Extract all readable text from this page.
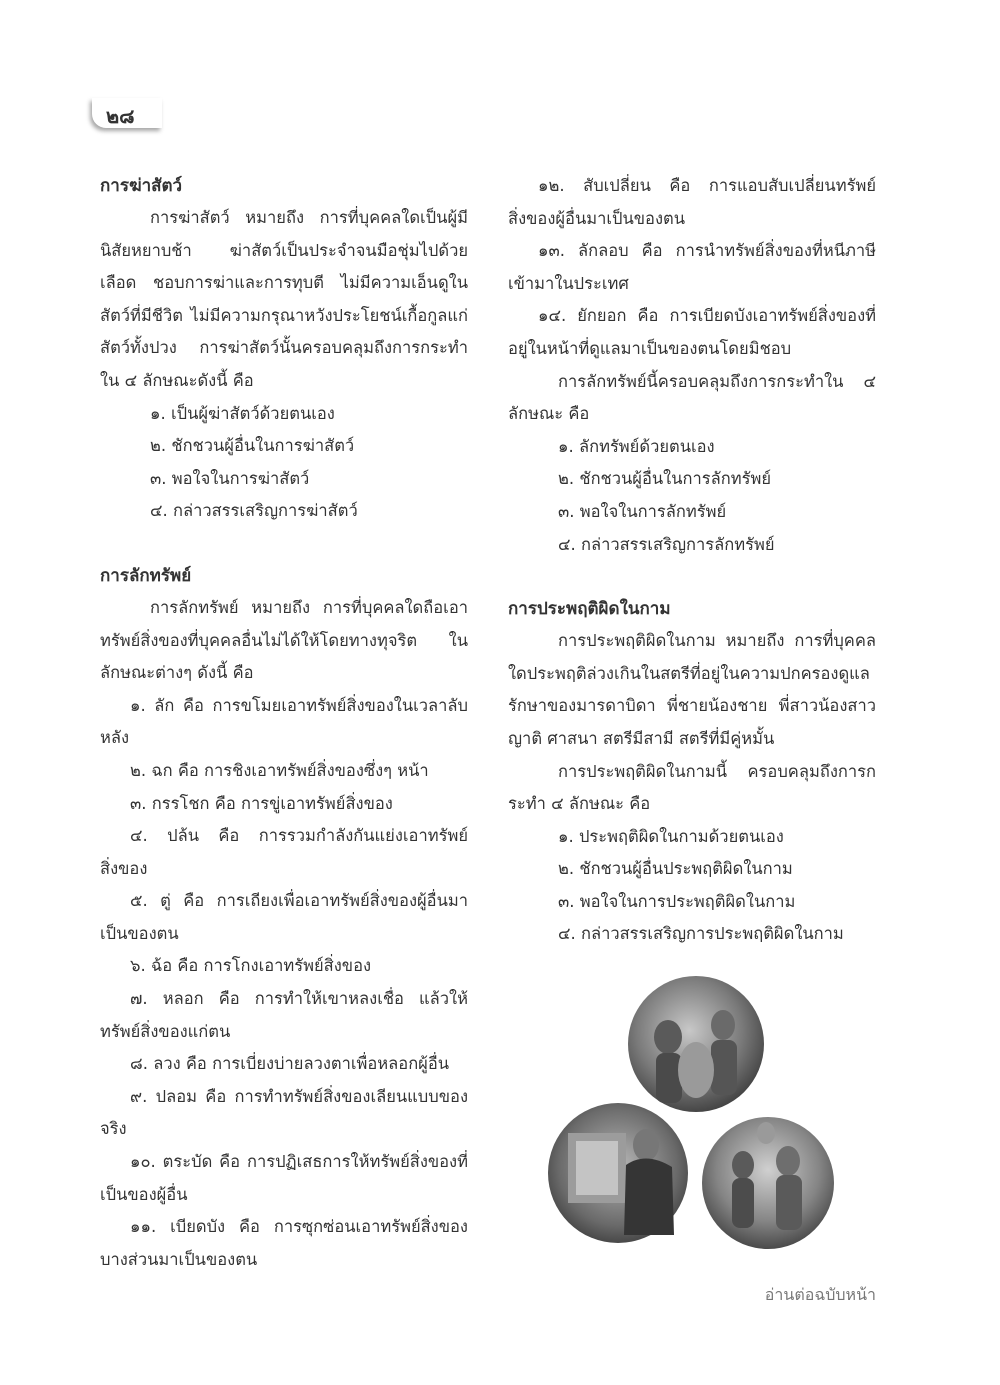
๒๘

การฆ่าสัตว์

การฆ่าสัตว์ หมายถึง การที่บุคคลใดเป็นผู้มีนิสัยหยาบช้า ฆ่าสัตว์เป็นประจำจนมือชุ่มไปด้วยเลือด ชอบการฆ่าและการทุบตี ไม่มีความเอ็นดูในสัตว์ที่มีชีวิต ไม่มีความกรุณาหวังประโยชน์เกื้อกูลแก่สัตว์ทั้งปวง การฆ่าสัตว์นั้นครอบคลุมถึงการกระทำใน ๔ ลักษณะดังนี้ คือ

๑. เป็นผู้ฆ่าสัตว์ด้วยตนเอง

๒. ชักชวนผู้อื่นในการฆ่าสัตว์

๓. พอใจในการฆ่าสัตว์

๔. กล่าวสรรเสริญการฆ่าสัตว์

การลักทรัพย์

การลักทรัพย์ หมายถึง การที่บุคคลใดถือเอาทรัพย์สิ่งของที่บุคคลอื่นไม่ได้ให้โดยทางทุจริต ในลักษณะต่างๆ ดังนี้ คือ

๑. ลัก คือ การขโมยเอาทรัพย์สิ่งของในเวลาลับหลัง

๒. ฉก คือ การชิงเอาทรัพย์สิ่งของซึ่งๆ หน้า

๓. กรรโชก คือ การขู่เอาทรัพย์สิ่งของ

๔. ปล้น คือ การรวมกำลังกันแย่งเอาทรัพย์สิ่งของ

๕. ตู่ คือ การเถียงเพื่อเอาทรัพย์สิ่งของผู้อื่นมาเป็นของตน

๖. ฉ้อ คือ การโกงเอาทรัพย์สิ่งของ

๗. หลอก คือ การทำให้เขาหลงเชื่อ แล้วให้ทรัพย์สิ่งของแก่ตน

๘. ลวง คือ การเบี่ยงบ่ายลวงตาเพื่อหลอกผู้อื่น

๙. ปลอม คือ การทำทรัพย์สิ่งของเลียนแบบของจริง

๑๐. ตระบัด คือ การปฏิเสธการให้ทรัพย์สิ่งของที่เป็นของผู้อื่น

๑๑. เบียดบัง คือ การซุกซ่อนเอาทรัพย์สิ่งของบางส่วนมาเป็นของตน

๑๒. สับเปลี่ยน คือ การแอบสับเปลี่ยนทรัพย์สิ่งของผู้อื่นมาเป็นของตน

๑๓. ลักลอบ คือ การนำทรัพย์สิ่งของที่หนีภาษีเข้ามาในประเทศ

๑๔. ยักยอก คือ การเบียดบังเอาทรัพย์สิ่งของที่อยู่ในหน้าที่ดูแลมาเป็นของตนโดยมิชอบ

การลักทรัพย์นี้ครอบคลุมถึงการกระทำใน ๔ ลักษณะ คือ

๑. ลักทรัพย์ด้วยตนเอง

๒. ชักชวนผู้อื่นในการลักทรัพย์

๓. พอใจในการลักทรัพย์

๔. กล่าวสรรเสริญการลักทรัพย์

การประพฤติผิดในกาม

การประพฤติผิดในกาม หมายถึง การที่บุคคลใดประพฤติล่วงเกินในสตรีที่อยู่ในความปกครองดูแลรักษาของมารดาบิดา พี่ชายน้องชาย พี่สาวน้องสาว ญาติ ศาสนา สตรีมีสามี สตรีที่มีคู่หมั้น

การประพฤติผิดในกามนี้ ครอบคลุมถึงการกระทำ ๔ ลักษณะ คือ

๑. ประพฤติผิดในกามด้วยตนเอง

๒. ชักชวนผู้อื่นประพฤติผิดในกาม

๓. พอใจในการประพฤติผิดในกาม

๔. กล่าวสรรเสริญการประพฤติผิดในกาม

อ่านต่อฉบับหน้า
